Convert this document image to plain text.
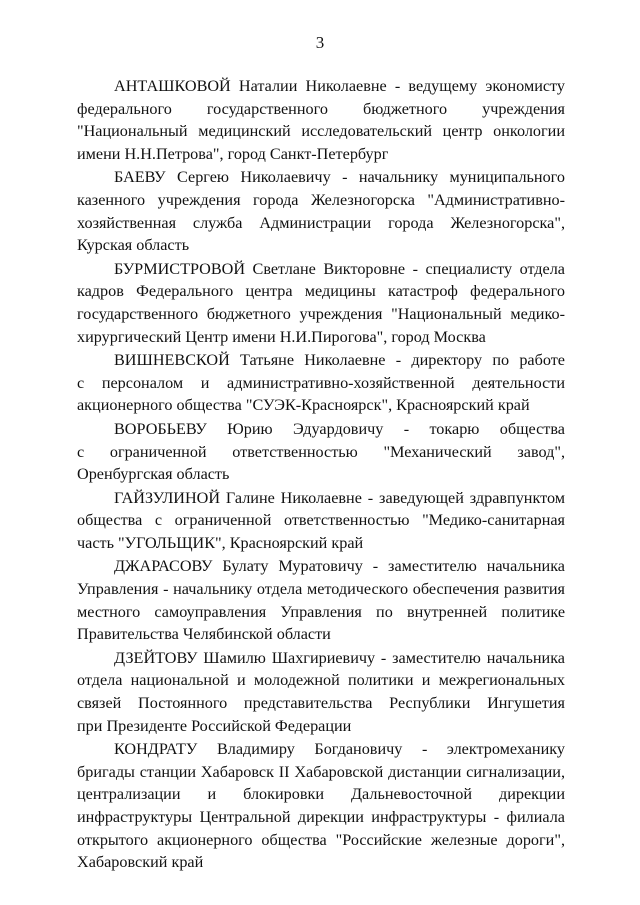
3
АНТАШКОВОЙ Наталии Николаевне - ведущему экономисту
федерального государственного бюджетного учреждения
"Национальный медицинский исследовательский центр онкологии
имени Н.Н.Петрова", город Санкт-Петербург
БАЕВУ Сергею Николаевичу - начальнику муниципального
казенного учреждения города Железногорска "Административно-
хозяйственная служба Администрации города Железногорска",
Курская область
БУРМИСТРОВОЙ Светлане Викторовне - специалисту отдела
кадров Федерального центра медицины катастроф федерального
государственного бюджетного учреждения "Национальный медико-
хирургический Центр имени Н.И.Пирогова", город Москва
ВИШНЕВСКОЙ Татьяне Николаевне - директору по работе
с персоналом и административно-хозяйственной деятельности
акционерного общества "СУЭК-Красноярск", Красноярский край
ВОРОБЬЕВУ Юрию Эдуардовичу - токарю общества
с ограниченной ответственностью "Механический завод",
Оренбургская область
ГАЙЗУЛИНОЙ Галине Николаевне - заведующей здравпунктом
общества с ограниченной ответственностью "Медико-санитарная
часть "УГОЛЬЩИК", Красноярский край
ДЖАРАСОВУ Булату Муратовичу - заместителю начальника
Управления - начальнику отдела методического обеспечения развития
местного самоуправления Управления по внутренней политике
Правительства Челябинской области
ДЗЕЙТОВУ Шамилю Шахгириевичу - заместителю начальника
отдела национальной и молодежной политики и межрегиональных
связей Постоянного представительства Республики Ингушетия
при Президенте Российской Федерации
КОНДРАТУ Владимиру Богдановичу - электромеханику
бригады станции Хабаровск II Хабаровской дистанции сигнализации,
централизации и блокировки Дальневосточной дирекции
инфраструктуры Центральной дирекции инфраструктуры - филиала
открытого акционерного общества "Российские железные дороги",
Хабаровский край
